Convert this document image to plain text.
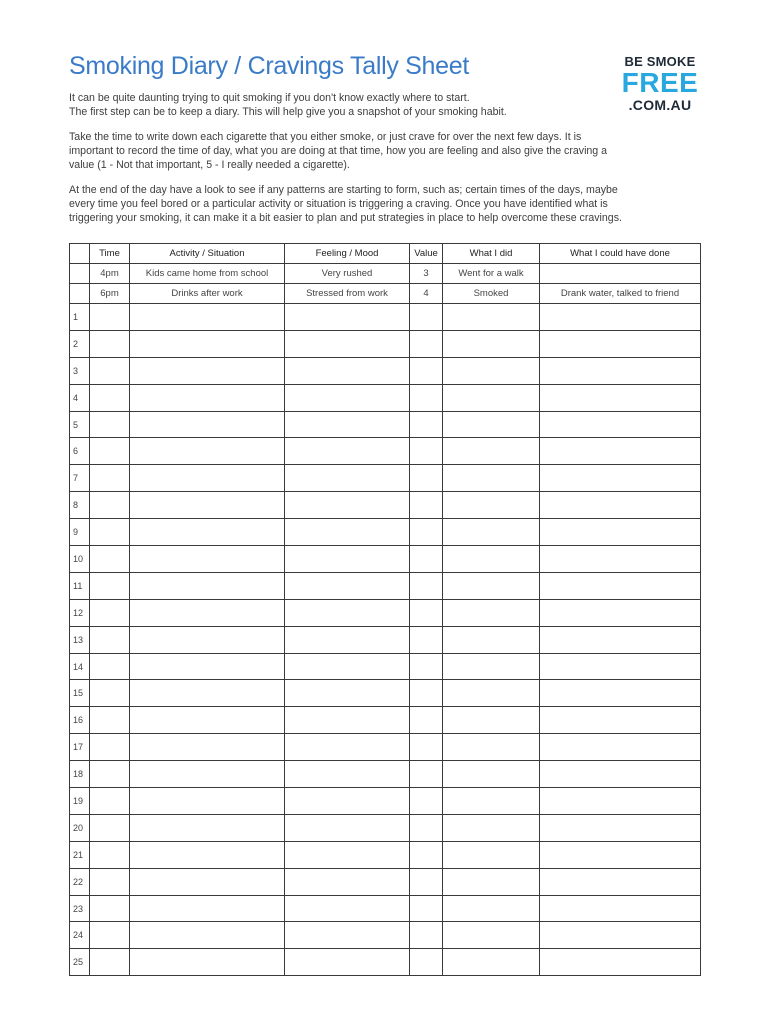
Smoking Diary / Cravings Tally Sheet	BE SMOKE
FREE
.COM.AU

It can be quite daunting trying to quit smoking if you don't know exactly where to start.
The first step can be to keep a diary. This will help give you a snapshot of your smoking habit.

Take the time to write down each cigarette that you either smoke, or just crave for over the next few days. It is
important to record the time of day, what you are doing at that time, how you are feeling and also give the craving a
value (1 - Not that important, 5 - I really needed a cigarette).

At the end of the day have a look to see if any patterns are starting to form, such as; certain times of the days, maybe
every time you feel bored or a particular activity or situation is triggering a craving. Once you have identified what is
triggering your smoking, it can make it a bit easier to plan and put strategies in place to help overcome these cravings.

	Time	Activity / Situation	Feeling / Mood	Value	What I did	What I could have done
	4pm	Kids came home from school	Very rushed	3	Went for a walk	
	6pm	Drinks after work	Stressed from work	4	Smoked	Drank water, talked to friend
1						
2						
3						
4						
5						
6						
7						
8						
9						
10						
11						
12						
13						
14						
15						
16						
17						
18						
19						
20						
21						
22						
23						
24						
25						
